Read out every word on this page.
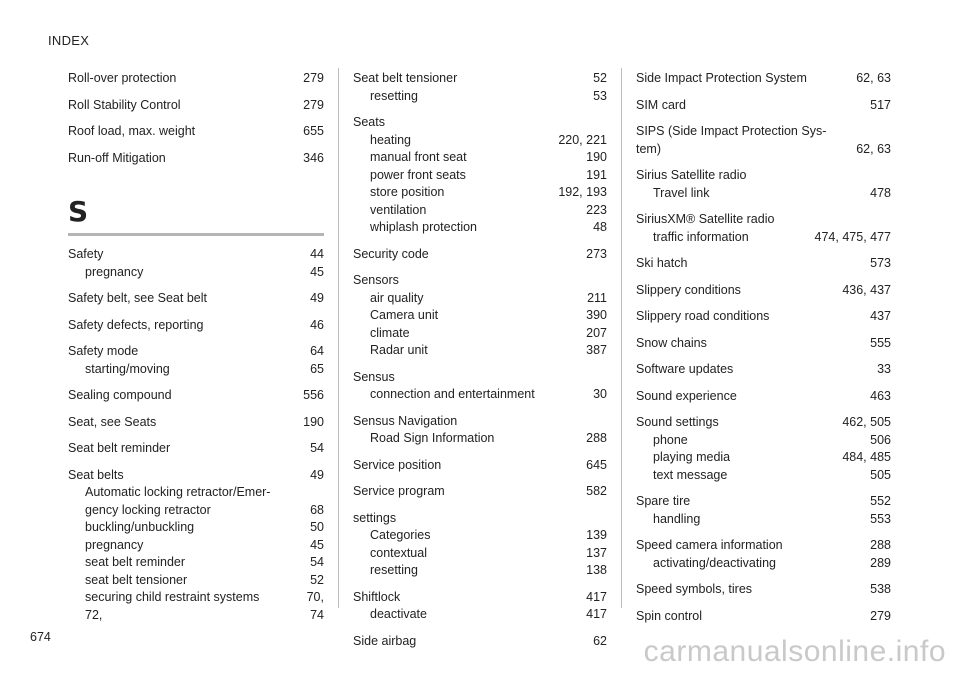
INDEX
Roll-over protection	279
Roll Stability Control	279
Roof load, max. weight	655
Run-off Mitigation	346
S
Safety	44
pregnancy	45
Safety belt, see Seat belt	49
Safety defects, reporting	46
Safety mode	64
starting/moving	65
Sealing compound	556
Seat, see Seats	190
Seat belt reminder	54
Seat belts	49
Automatic locking retractor/Emer-
gency locking retractor	68
buckling/unbuckling	50
pregnancy	45
seat belt reminder	54
seat belt tensioner	52
securing child restraint systems	70,
72,	74
Seat belt tensioner	52
resetting	53
Seats
heating	220, 221
manual front seat	190
power front seats	191
store position	192, 193
ventilation	223
whiplash protection	48
Security code	273
Sensors
air quality	211
Camera unit	390
climate	207
Radar unit	387
Sensus
connection and entertainment	30
Sensus Navigation
Road Sign Information	288
Service position	645
Service program	582
settings
Categories	139
contextual	137
resetting	138
Shiftlock	417
deactivate	417
Side airbag	62
Side Impact Protection System	62, 63
SIM card	517
SIPS (Side Impact Protection Sys-
tem)	62, 63
Sirius Satellite radio
Travel link	478
SiriusXM® Satellite radio
traffic information	474, 475, 477
Ski hatch	573
Slippery conditions	436, 437
Slippery road conditions	437
Snow chains	555
Software updates	33
Sound experience	463
Sound settings	462, 505
phone	506
playing media	484, 485
text message	505
Spare tire	552
handling	553
Speed camera information	288
activating/deactivating	289
Speed symbols, tires	538
Spin control	279
674	carmanualsonline.info
